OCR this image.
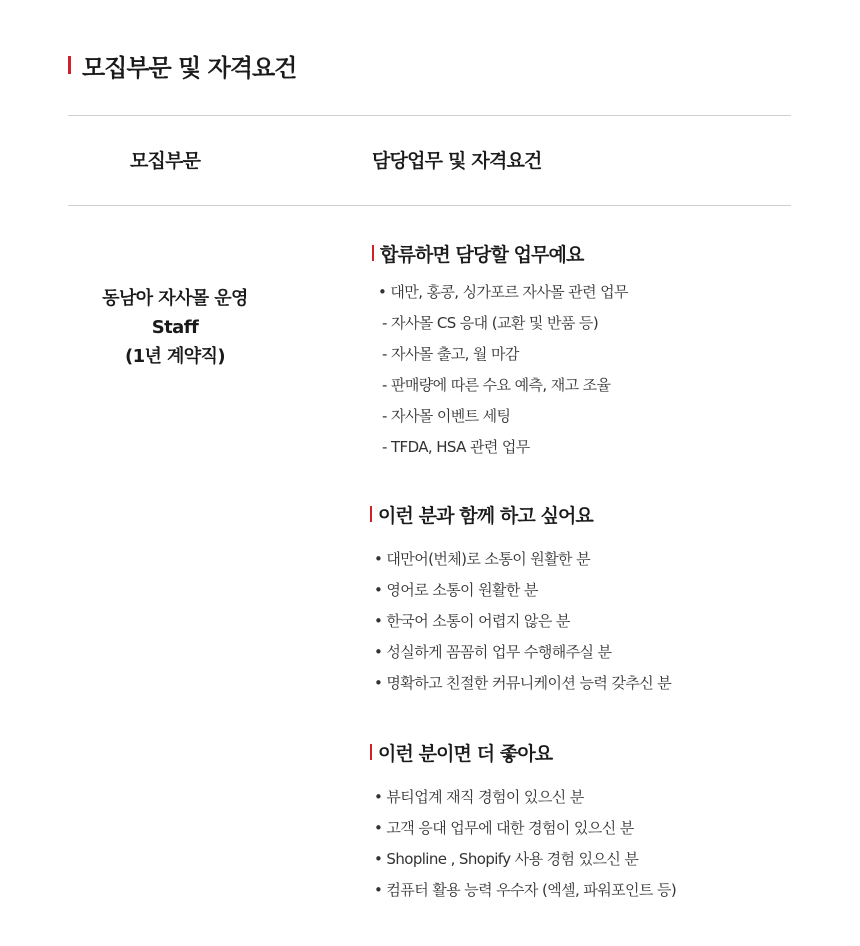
모집부문 및 자격요건
모집부문	담당업무 및 자격요건
동남아 자사몰 운영
Staff
(1년 계약직)
합류하면 담당할 업무예요
• 대만, 홍콩, 싱가포르 자사몰 관련 업무
- 자사몰 CS 응대 (교환 및 반품 등)
- 자사몰 출고, 월 마감
- 판매량에 따른 수요 예측, 재고 조율
- 자사몰 이벤트 세팅
- TFDA, HSA 관련 업무
이런 분과 함께 하고 싶어요
• 대만어(번체)로 소통이 원활한 분
• 영어로 소통이 원활한 분
• 한국어 소통이 어렵지 않은 분
• 성실하게 꼼꼼히 업무 수행해주실 분
• 명확하고 친절한 커뮤니케이션 능력 갖추신 분
이런 분이면 더 좋아요
• 뷰티업계 재직 경험이 있으신 분
• 고객 응대 업무에 대한 경험이 있으신 분
• Shopline , Shopify 사용 경험 있으신 분
• 컴퓨터 활용 능력 우수자 (엑셀, 파워포인트 등)
